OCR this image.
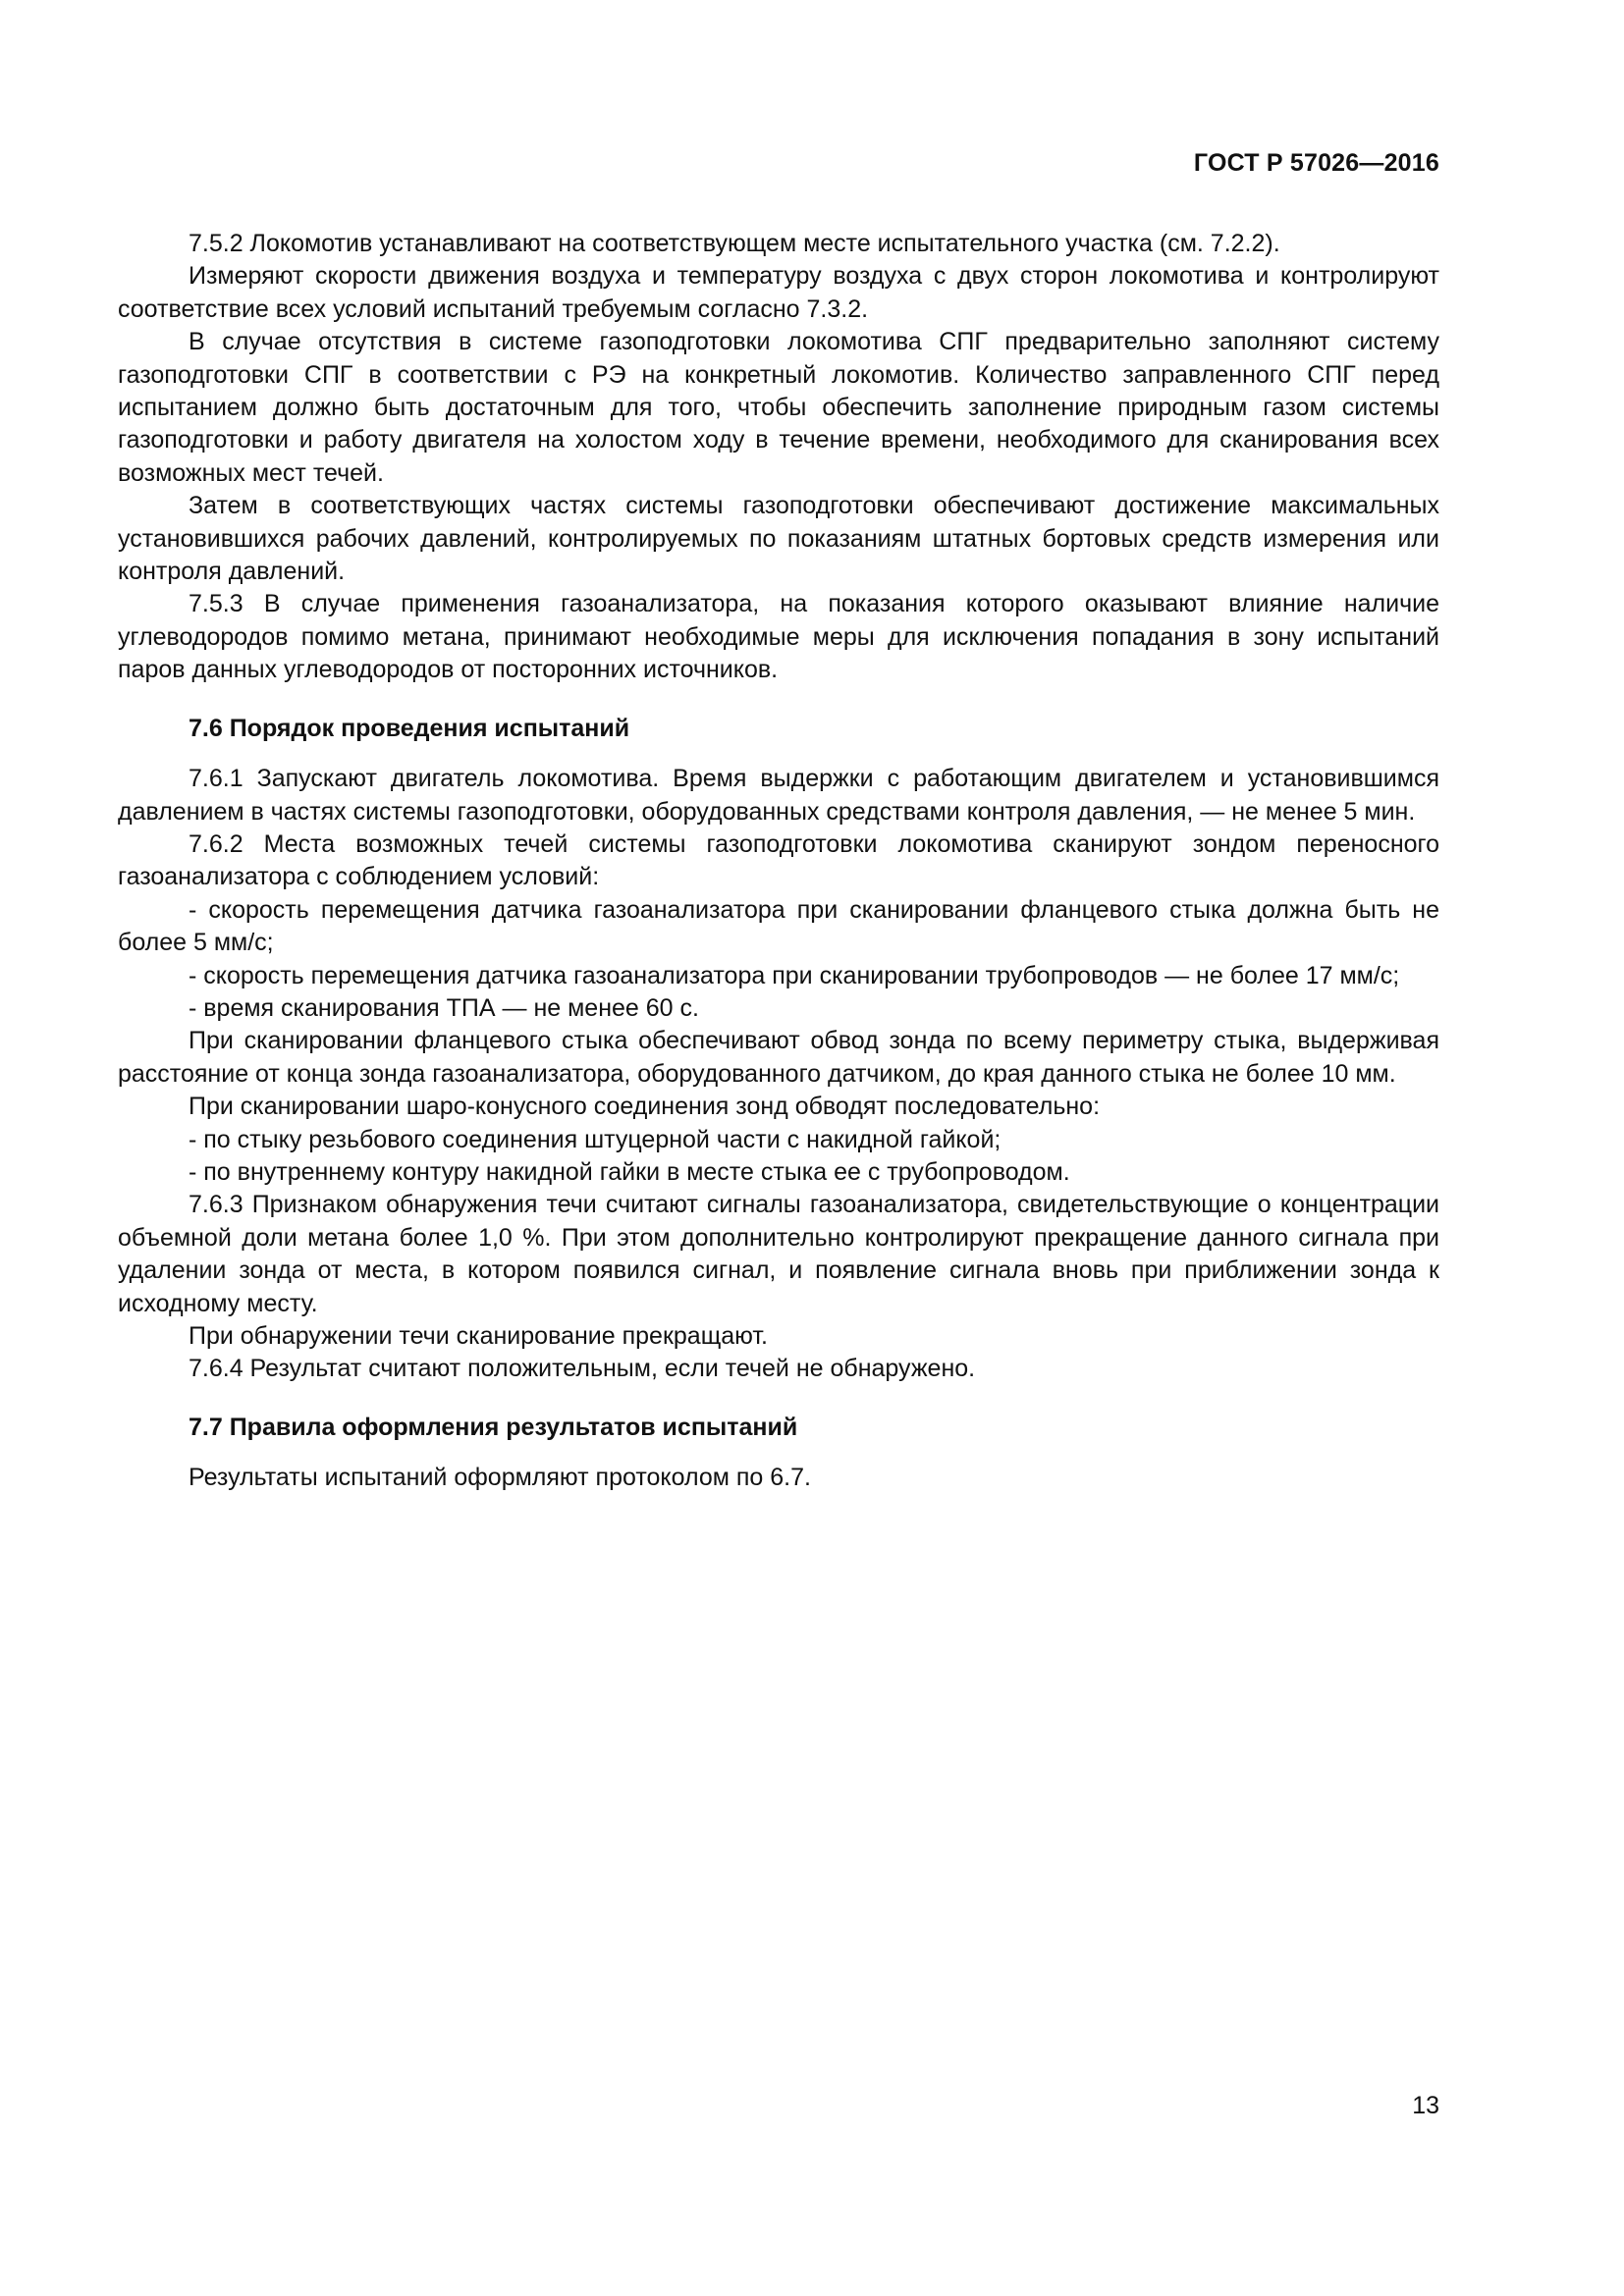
ГОСТ Р 57026—2016

7.5.2 Локомотив устанавливают на соответствующем месте испытательного участка (см. 7.2.2).

Измеряют скорости движения воздуха и температуру воздуха с двух сторон локомотива и контролируют соответствие всех условий испытаний требуемым согласно 7.3.2.

В случае отсутствия в системе газоподготовки локомотива СПГ предварительно заполняют систему газоподготовки СПГ в соответствии с РЭ на конкретный локомотив. Количество заправленного СПГ перед испытанием должно быть достаточным для того, чтобы обеспечить заполнение природным газом системы газоподготовки и работу двигателя на холостом ходу в течение времени, необходимого для сканирования всех возможных мест течей.

Затем в соответствующих частях системы газоподготовки обеспечивают достижение максимальных установившихся рабочих давлений, контролируемых по показаниям штатных бортовых средств измерения или контроля давлений.

7.5.3 В случае применения газоанализатора, на показания которого оказывают влияние наличие углеводородов помимо метана, принимают необходимые меры для исключения попадания в зону испытаний паров данных углеводородов от посторонних источников.

7.6 Порядок проведения испытаний

7.6.1 Запускают двигатель локомотива. Время выдержки с работающим двигателем и установившимся давлением в частях системы газоподготовки, оборудованных средствами контроля давления, — не менее 5 мин.

7.6.2 Места возможных течей системы газоподготовки локомотива сканируют зондом переносного газоанализатора с соблюдением условий:

- скорость перемещения датчика газоанализатора при сканировании фланцевого стыка должна быть не более 5 мм/с;

- скорость перемещения датчика газоанализатора при сканировании трубопроводов — не более 17 мм/с;

- время сканирования ТПА — не менее 60 с.

При сканировании фланцевого стыка обеспечивают обвод зонда по всему периметру стыка, выдерживая расстояние от конца зонда газоанализатора, оборудованного датчиком, до края данного стыка не более 10 мм.

При сканировании шаро-конусного соединения зонд обводят последовательно:

- по стыку резьбового соединения штуцерной части с накидной гайкой;

- по внутреннему контуру накидной гайки в месте стыка ее с трубопроводом.

7.6.3 Признаком обнаружения течи считают сигналы газоанализатора, свидетельствующие о концентрации объемной доли метана более 1,0 %. При этом дополнительно контролируют прекращение данного сигнала при удалении зонда от места, в котором появился сигнал, и появление сигнала вновь при приближении зонда к исходному месту.

При обнаружении течи сканирование прекращают.

7.6.4 Результат считают положительным, если течей не обнаружено.

7.7 Правила оформления результатов испытаний

Результаты испытаний оформляют протоколом по 6.7.

13
